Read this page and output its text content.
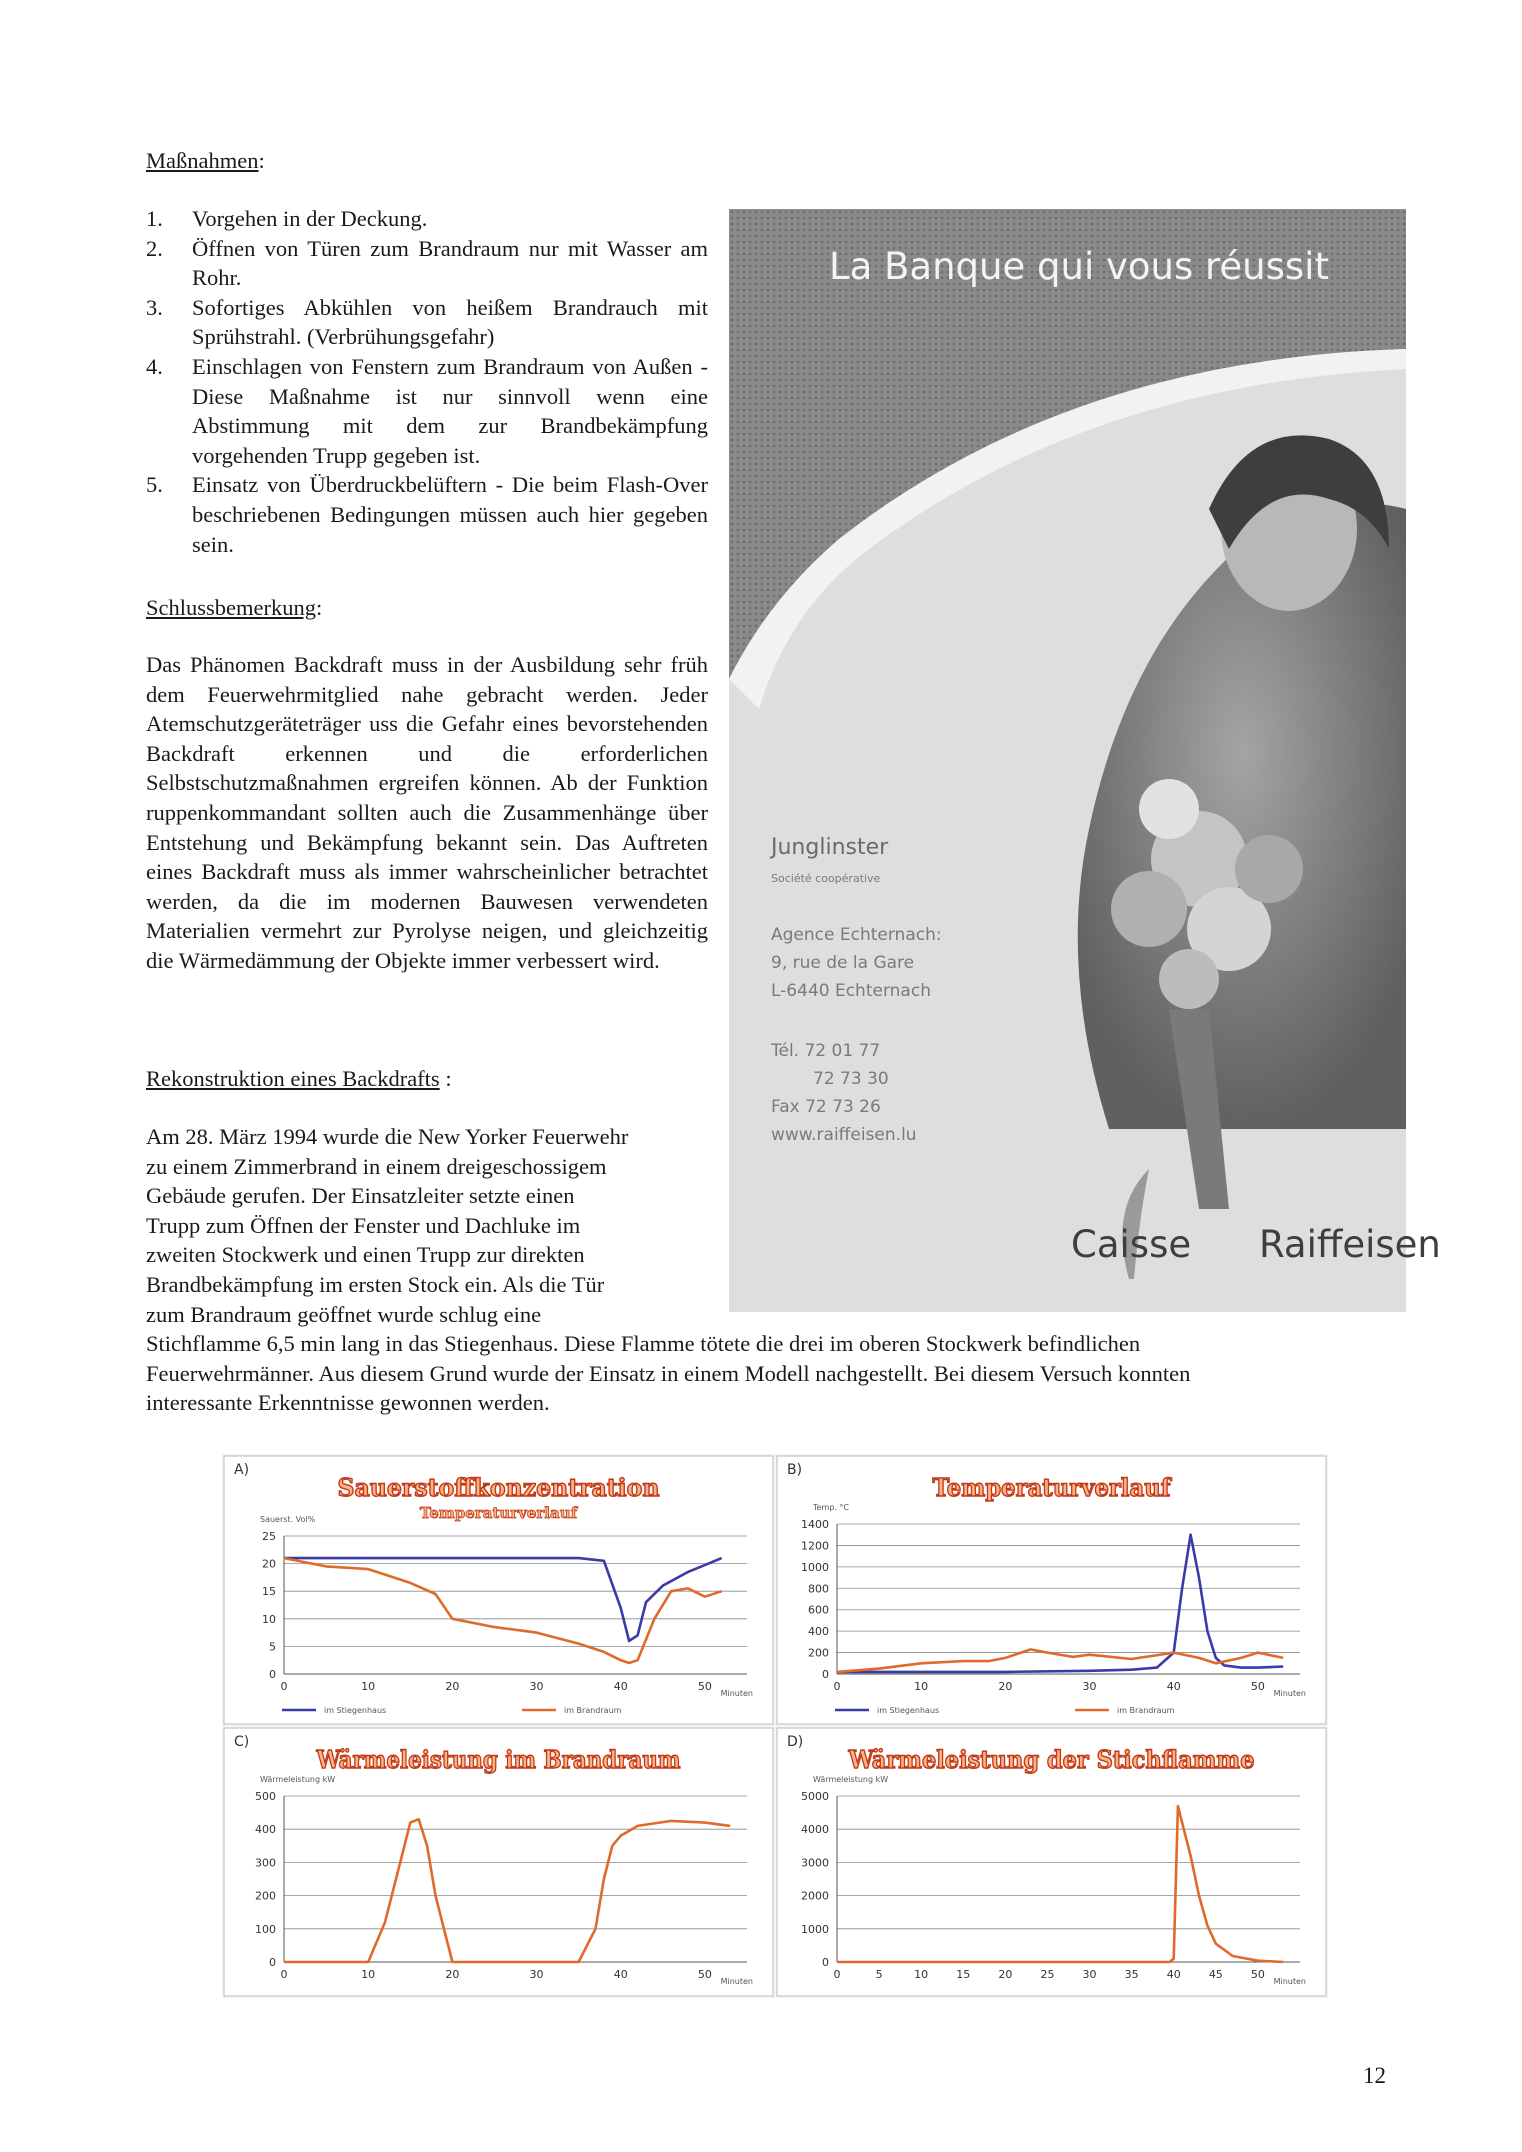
Maßnahmen:
1. Vorgehen in der Deckung.
2. Öffnen von Türen zum Brandraum nur mit Wasser am Rohr.
3. Sofortiges Abkühlen von heißem Brandrauch mit Sprühstrahl. (Verbrühungsgefahr)
4. Einschlagen von Fenstern zum Brandraum von Außen - Diese Maßnahme ist nur sinnvoll wenn eine Abstimmung mit dem zur Brandbekämpfung vorgehenden Trupp gegeben ist.
5. Einsatz von Überdruckbelüftern - Die beim Flash-Over beschriebenen Bedingungen müssen auch hier gegeben sein.
Schlussbemerkung:
Das Phänomen Backdraft muss in der Ausbildung sehr früh dem Feuerwehrmitglied nahe gebracht werden. Jeder Atemschutzgeräteträger uss die Gefahr eines bevorstehenden Backdraft erkennen und die erforderlichen Selbstschutzmaßnahmen ergreifen können. Ab der Funktion ruppenkommandant sollten auch die Zusammenhänge über Entstehung und Bekämpfung bekannt sein. Das Auftreten eines Backdraft muss als immer wahrscheinlicher betrachtet werden, da die im modernen Bauwesen verwendeten Materialien vermehrt zur Pyrolyse neigen, und gleichzeitig die Wärmedämmung der Objekte immer verbessert wird.
Rekonstruktion eines Backdrafts :
Am 28. März 1994 wurde die New Yorker Feuerwehr
zu einem Zimmerbrand in einem dreigeschossigem
Gebäude gerufen. Der Einsatzleiter setzte einen
Trupp zum Öffnen der Fenster und Dachluke im
zweiten Stockwerk und einen Trupp zur direkten
Brandbekämpfung im ersten Stock ein. Als die Tür
zum Brandraum geöffnet wurde schlug eine
Stichflamme 6,5 min lang in das Stiegenhaus. Diese Flamme tötete die drei im oberen Stockwerk befindlichen
Feuerwehrmänner. Aus diesem Grund wurde der Einsatz in einem Modell nachgestellt. Bei diesem Versuch konnten
interessante Erkenntnisse gewonnen werden.
La Banque qui vous réussit
Junglinster
Société coopérative
Agence Echternach:
9, rue de la Gare
L-6440 Echternach
Tél. 72 01 77
72 73 30
Fax 72 73 26
www.raiffeisen.lu
Caisse Raiffeisen
A)
0
5
10
15
20
25
0	10	20	30	40	50
Sauerst. Vol%
Minuten
Sauerstoffkonzentration
Temperaturverlauf
im Stiegenhaus	im Brandraum
B)
0
200
400
600
800
1000
1200
1400
0	10	20	30	40	50
Temp. °C
Minuten
Temperaturverlauf
im Stiegenhaus	im Brandraum
C)
0
100
200
300
400
500
0	10	20	30	40	50
Wärmeleistung kW
Minuten
Wärmeleistung im Brandraum
D)
0
1000
2000
3000
4000
5000
0	5	10	15	20	25	30	35	40	45	50
Wärmeleistung kW
Minuten
Wärmeleistung der Stichflamme
12
